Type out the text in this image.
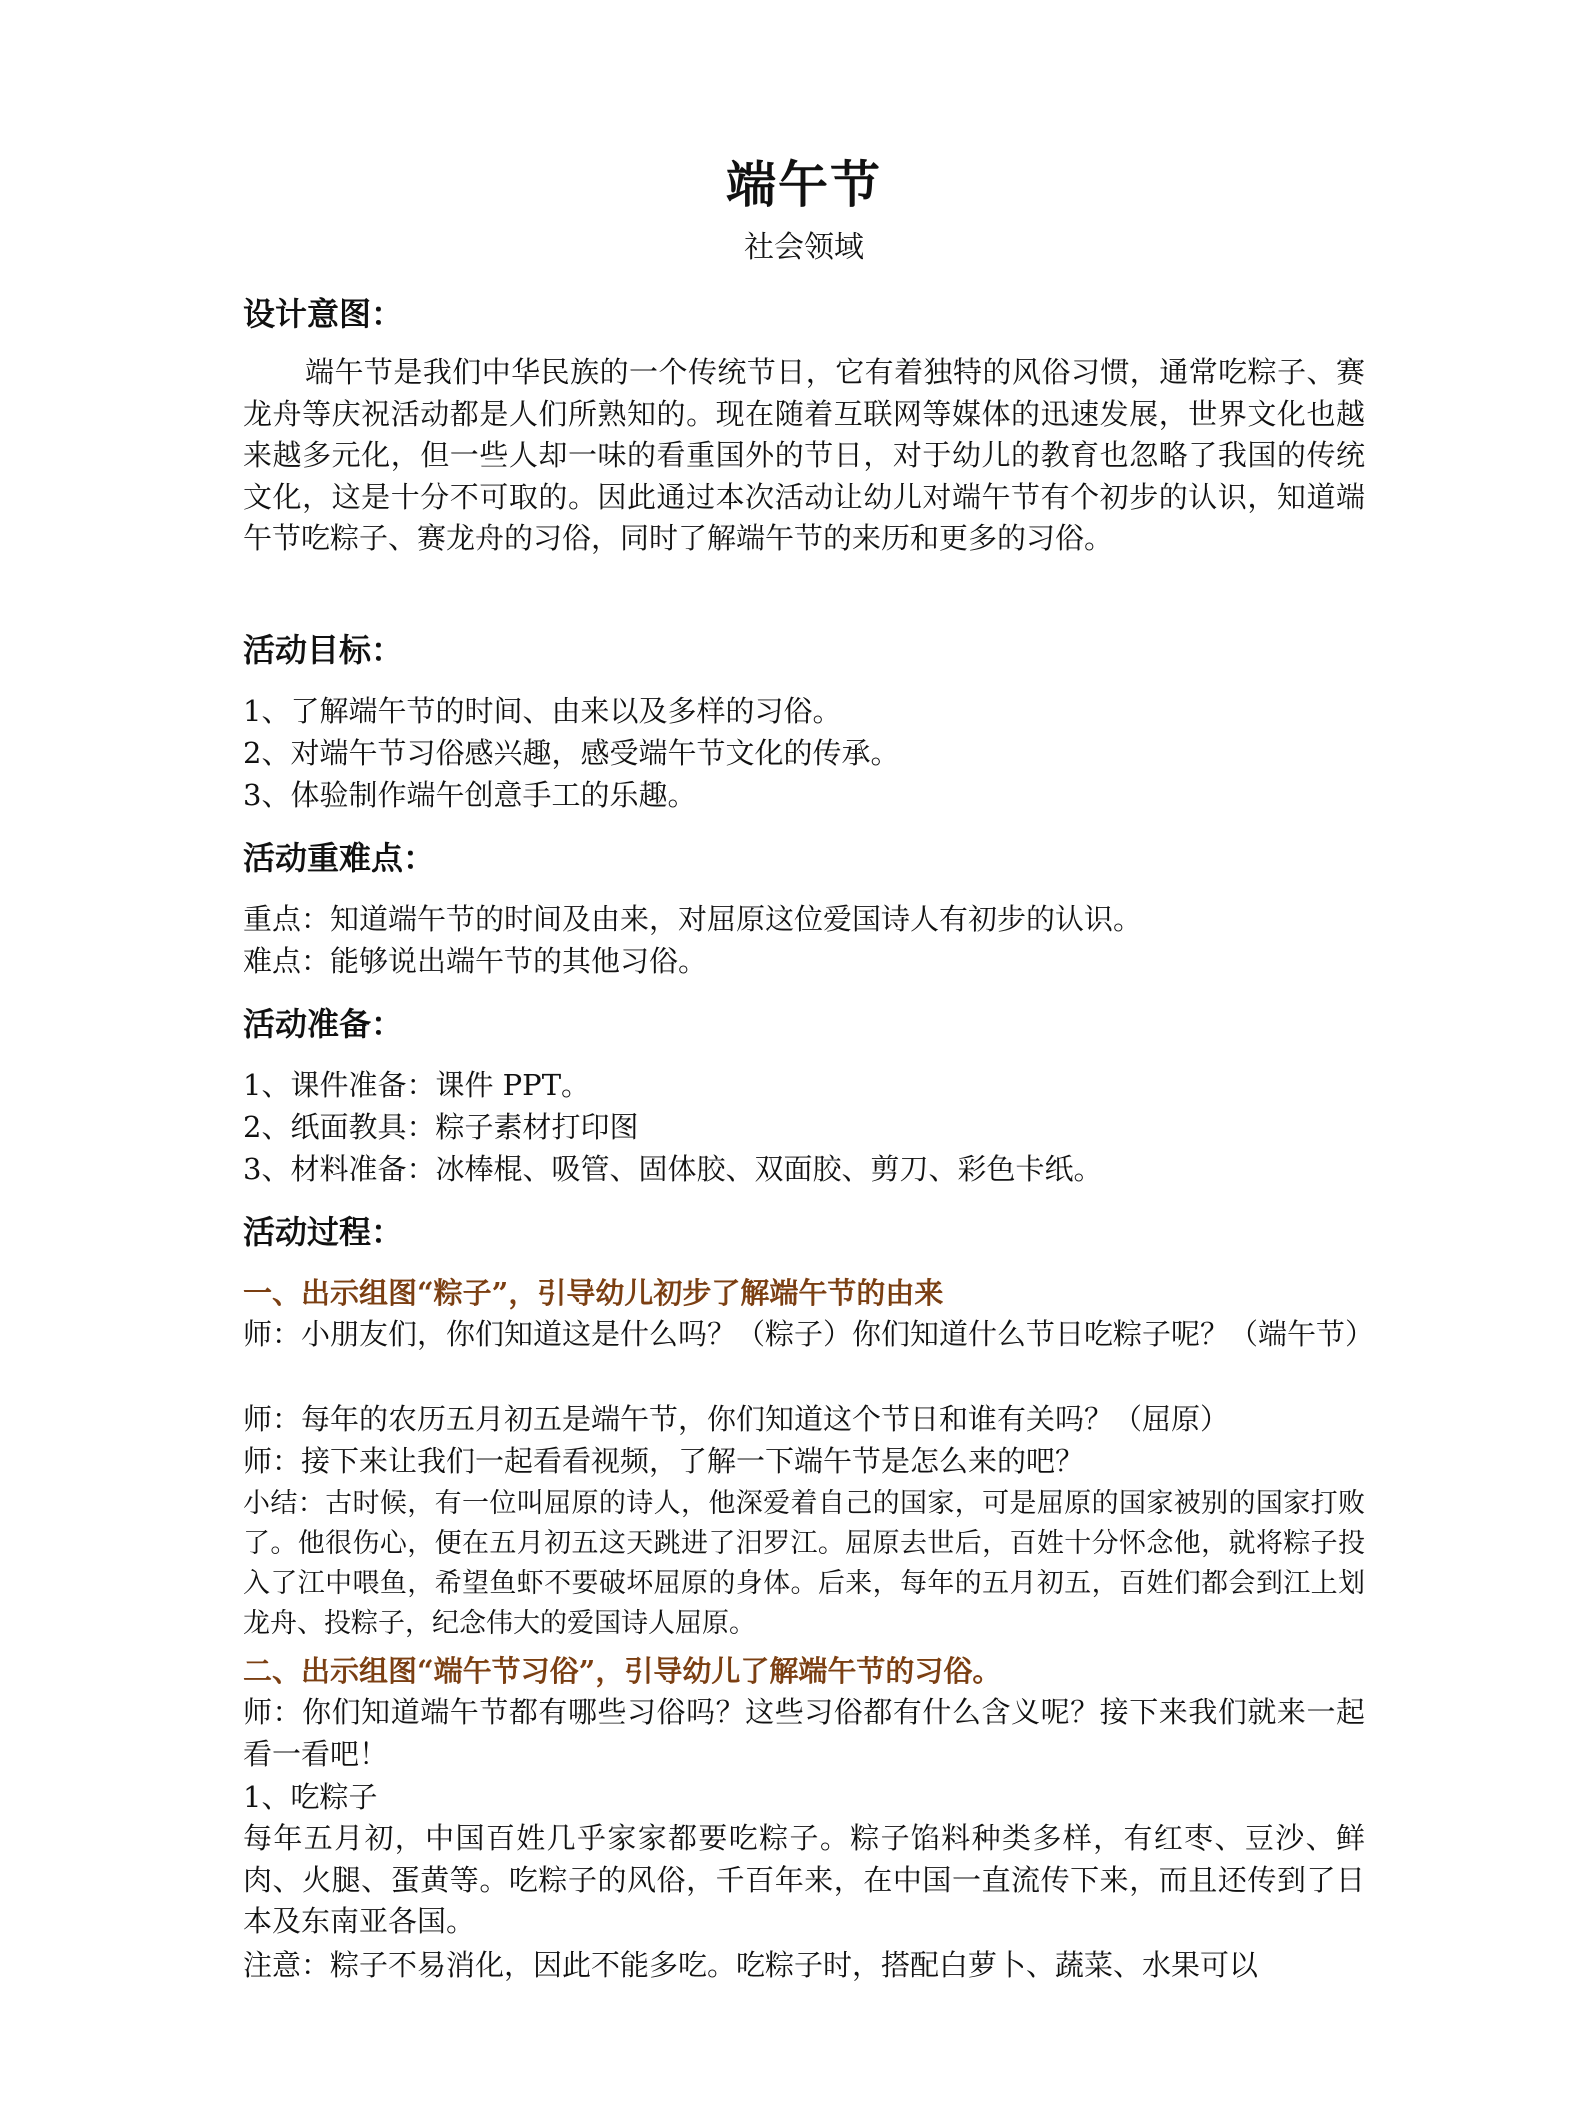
端午节
社会领域
设计意图：
端午节是我们中华民族的一个传统节日，它有着独特的风俗习惯，通常吃粽子、赛龙舟等庆祝活动都是人们所熟知的。现在随着互联网等媒体的迅速发展，世界文化也越来越多元化，但一些人却一味的看重国外的节日，对于幼儿的教育也忽略了我国的传统文化，这是十分不可取的。因此通过本次活动让幼儿对端午节有个初步的认识，知道端午节吃粽子、赛龙舟的习俗，同时了解端午节的来历和更多的习俗。
活动目标：
1、了解端午节的时间、由来以及多样的习俗。
2、对端午节习俗感兴趣，感受端午节文化的传承。
3、体验制作端午创意手工的乐趣。
活动重难点：
重点：知道端午节的时间及由来，对屈原这位爱国诗人有初步的认识。
难点：能够说出端午节的其他习俗。
活动准备：
1、课件准备：课件 PPT。
2、纸面教具：粽子素材打印图
3、材料准备：冰棒棍、吸管、固体胶、双面胶、剪刀、彩色卡纸。
活动过程：
一、出示组图“粽子”，引导幼儿初步了解端午节的由来
师：小朋友们，你们知道这是什么吗？（粽子）你们知道什么节日吃粽子呢？（端午节）
师：每年的农历五月初五是端午节，你们知道这个节日和谁有关吗？（屈原）
师：接下来让我们一起看看视频，了解一下端午节是怎么来的吧？
小结：古时候，有一位叫屈原的诗人，他深爱着自己的国家，可是屈原的国家被别的国家打败了。他很伤心，便在五月初五这天跳进了汨罗江。屈原去世后，百姓十分怀念他，就将粽子投入了江中喂鱼，希望鱼虾不要破坏屈原的身体。后来，每年的五月初五，百姓们都会到江上划龙舟、投粽子，纪念伟大的爱国诗人屈原。
二、出示组图“端午节习俗”，引导幼儿了解端午节的习俗。
师：你们知道端午节都有哪些习俗吗？这些习俗都有什么含义呢？接下来我们就来一起看一看吧！
1、吃粽子
每年五月初，中国百姓几乎家家都要吃粽子。粽子馅料种类多样，有红枣、豆沙、鲜肉、火腿、蛋黄等。吃粽子的风俗，千百年来，在中国一直流传下来，而且还传到了日本及东南亚各国。
注意：粽子不易消化，因此不能多吃。吃粽子时，搭配白萝卜、蔬菜、水果可以
